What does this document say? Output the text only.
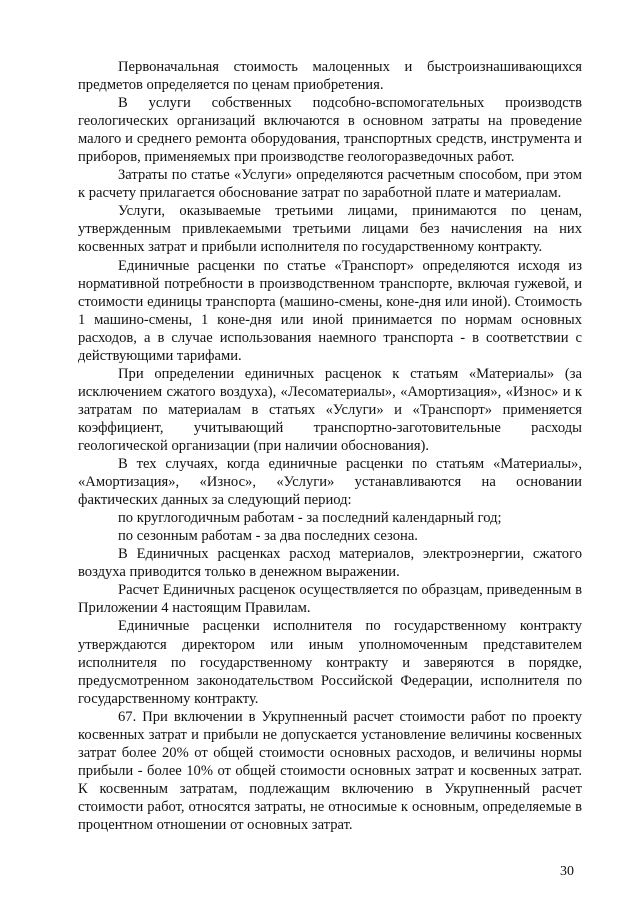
Первоначальная стоимость малоценных и быстроизнашивающихся предметов определяется по ценам приобретения.

В услуги собственных подсобно-вспомогательных производств геологических организаций включаются в основном затраты на проведение малого и среднего ремонта оборудования, транспортных средств, инструмента и приборов, применяемых при производстве геологоразведочных работ.

Затраты по статье «Услуги» определяются расчетным способом, при этом к расчету прилагается обоснование затрат по заработной плате и материалам.

Услуги, оказываемые третьими лицами, принимаются по ценам, утвержденным привлекаемыми третьими лицами без начисления на них косвенных затрат и прибыли исполнителя по государственному контракту.

Единичные расценки по статье «Транспорт» определяются исходя из нормативной потребности в производственном транспорте, включая гужевой, и стоимости единицы транспорта (машино-смены, коне-дня или иной). Стоимость 1 машино-смены, 1 коне-дня или иной принимается по нормам основных расходов, а в случае использования наемного транспорта - в соответствии с действующими тарифами.

При определении единичных расценок к статьям «Материалы» (за исключением сжатого воздуха), «Лесоматериалы», «Амортизация», «Износ» и к затратам по материалам в статьях «Услуги» и «Транспорт» применяется коэффициент, учитывающий транспортно-заготовительные расходы геологической организации (при наличии обоснования).

В тех случаях, когда единичные расценки по статьям «Материалы», «Амортизация», «Износ», «Услуги» устанавливаются на основании фактических данных за следующий период:

по круглогодичным работам - за последний календарный год;

по сезонным работам - за два последних сезона.

В Единичных расценках расход материалов, электроэнергии, сжатого воздуха приводится только в денежном выражении.

Расчет Единичных расценок осуществляется по образцам, приведенным в Приложении 4 настоящим Правилам.

Единичные расценки исполнителя по государственному контракту утверждаются директором или иным уполномоченным представителем исполнителя по государственному контракту и заверяются в порядке, предусмотренном законодательством Российской Федерации, исполнителя по государственному контракту.

67. При включении в Укрупненный расчет стоимости работ по проекту косвенных затрат и прибыли не допускается установление величины косвенных затрат более 20% от общей стоимости основных расходов, и величины нормы прибыли - более 10% от общей стоимости основных затрат и косвенных затрат. К косвенным затратам, подлежащим включению в Укрупненный расчет стоимости работ, относятся затраты, не относимые к основным, определяемые в процентном отношении от основных затрат.

30
